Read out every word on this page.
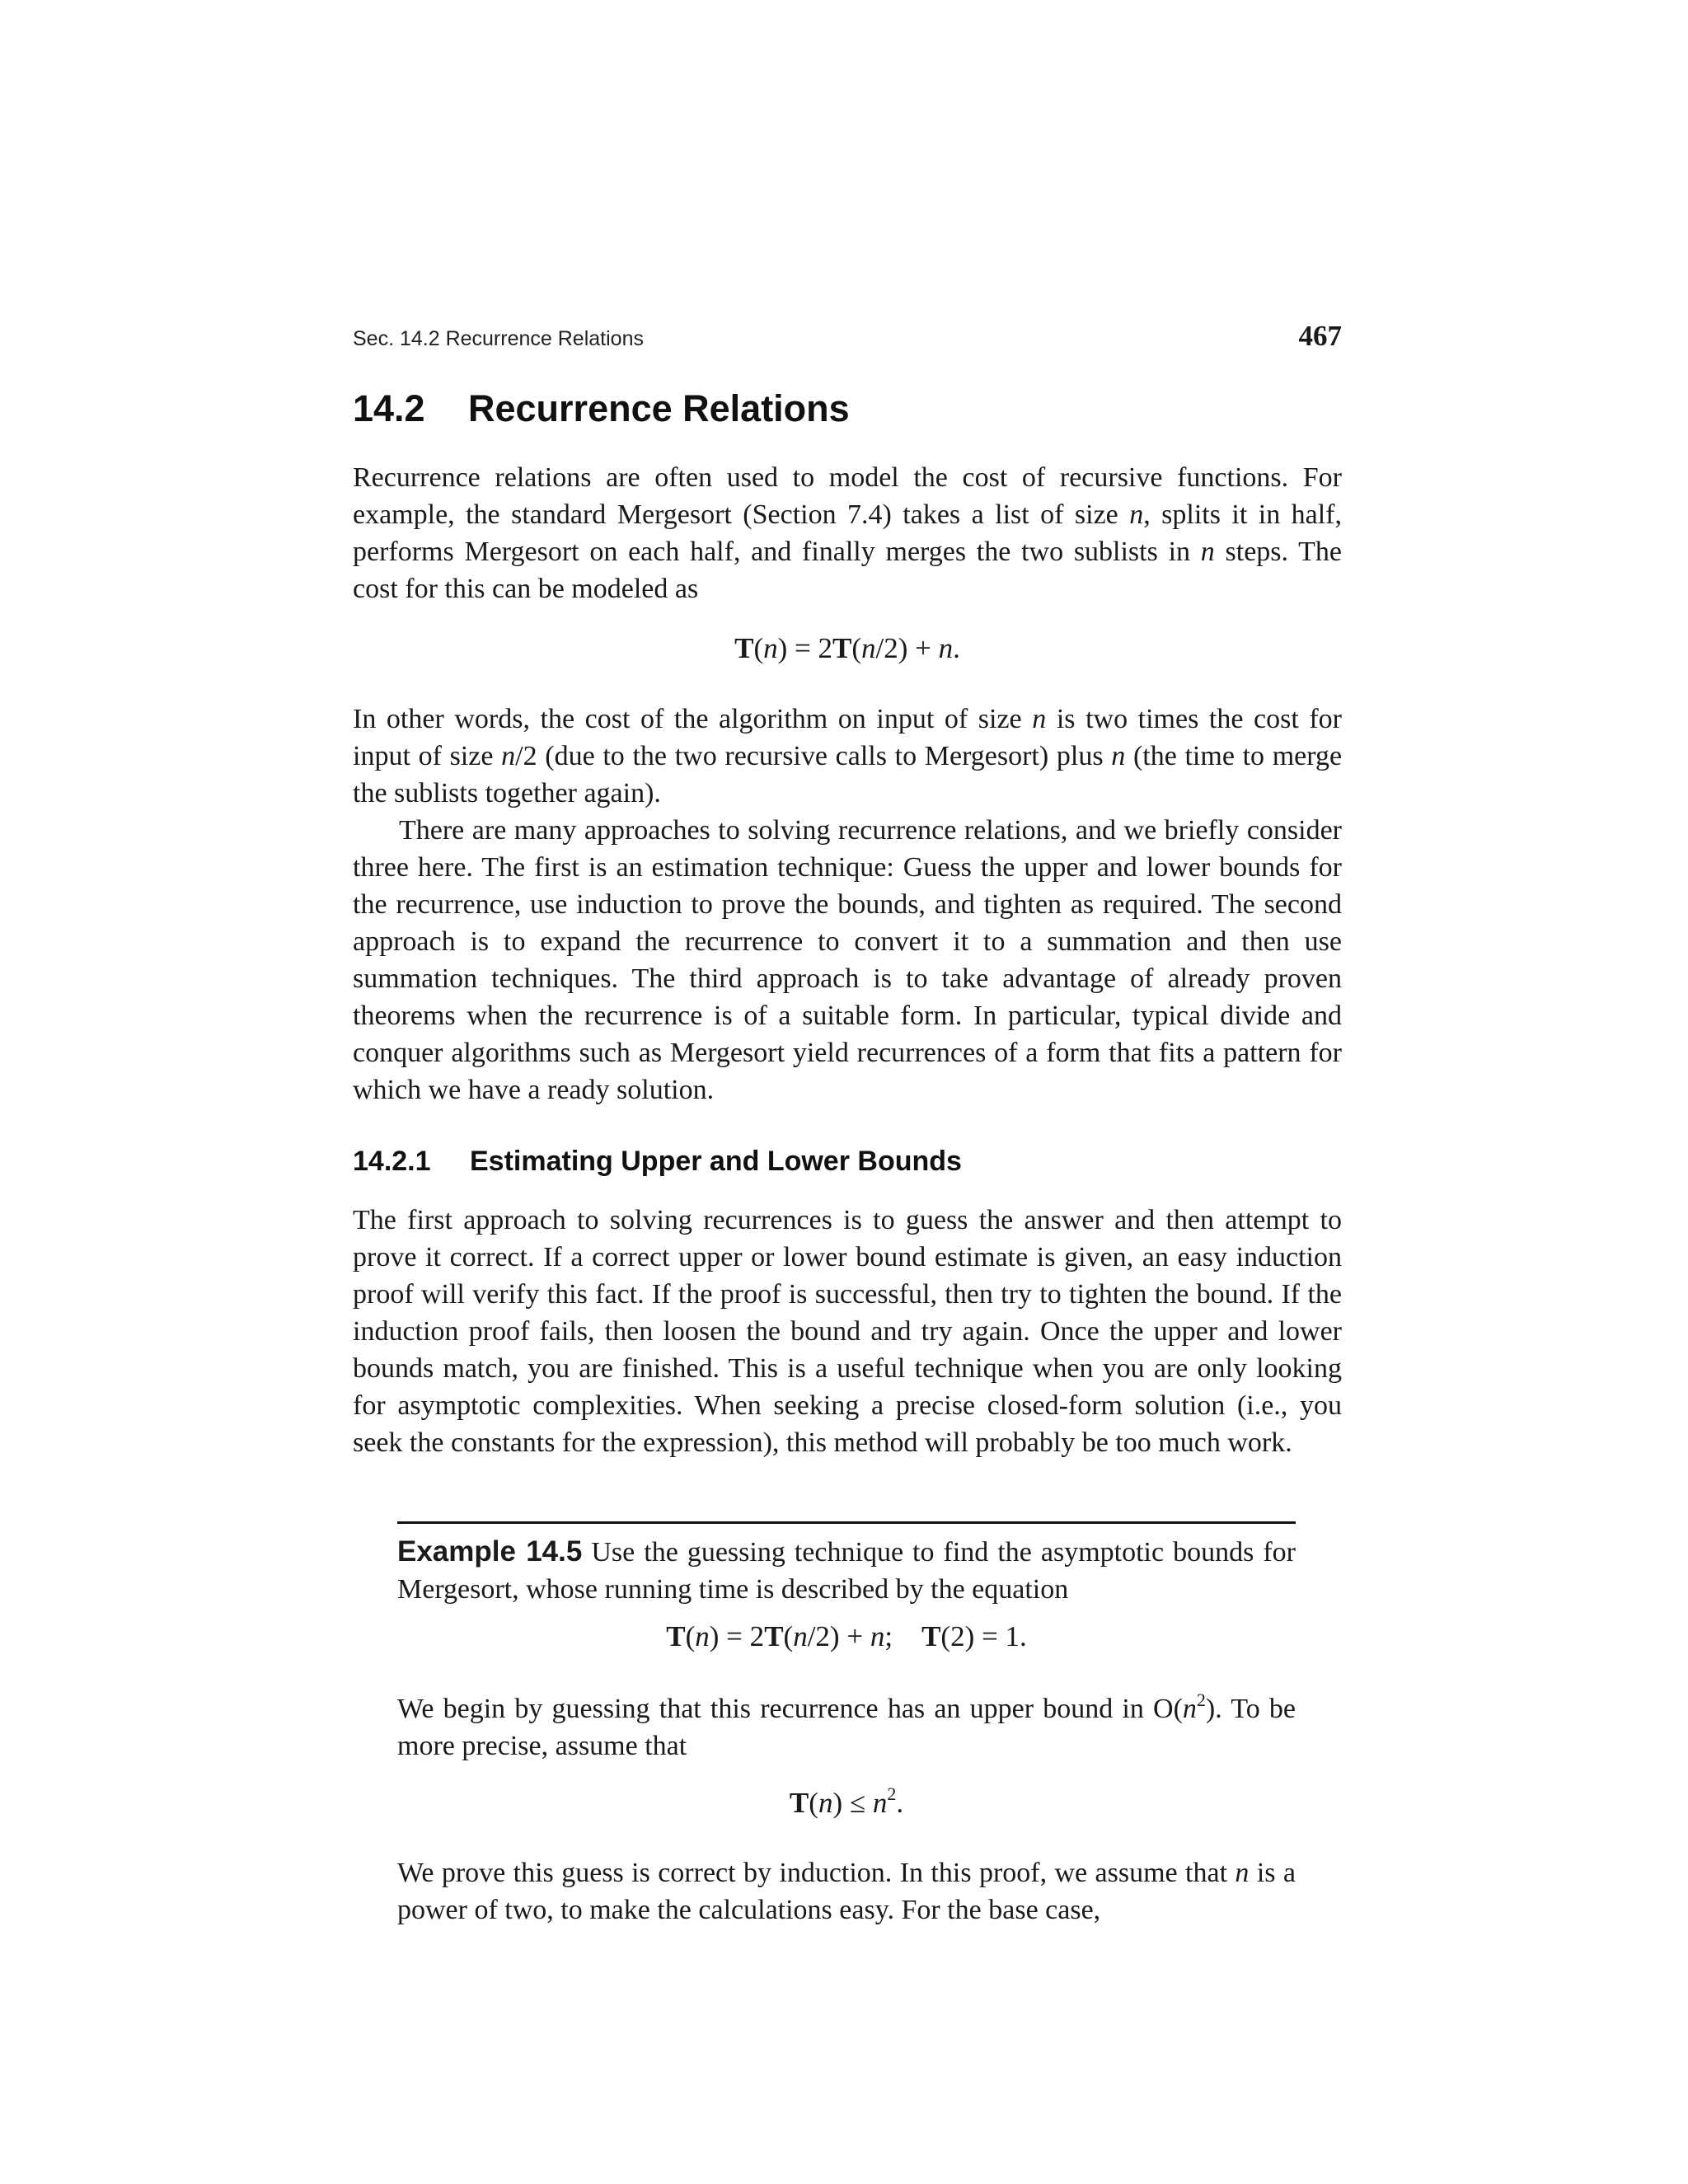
Sec. 14.2 Recurrence Relations	467
14.2 Recurrence Relations

Recurrence relations are often used to model the cost of recursive functions. For example, the standard Mergesort (Section 7.4) takes a list of size n, splits it in half, performs Mergesort on each half, and finally merges the two sublists in n steps. The cost for this can be modeled as

T(n) = 2T(n/2) + n.

In other words, the cost of the algorithm on input of size n is two times the cost for input of size n/2 (due to the two recursive calls to Mergesort) plus n (the time to merge the sublists together again).

There are many approaches to solving recurrence relations, and we briefly consider three here. The first is an estimation technique: Guess the upper and lower bounds for the recurrence, use induction to prove the bounds, and tighten as required. The second approach is to expand the recurrence to convert it to a summation and then use summation techniques. The third approach is to take advantage of already proven theorems when the recurrence is of a suitable form. In particular, typical divide and conquer algorithms such as Mergesort yield recurrences of a form that fits a pattern for which we have a ready solution.

14.2.1 Estimating Upper and Lower Bounds

The first approach to solving recurrences is to guess the answer and then attempt to prove it correct. If a correct upper or lower bound estimate is given, an easy induction proof will verify this fact. If the proof is successful, then try to tighten the bound. If the induction proof fails, then loosen the bound and try again. Once the upper and lower bounds match, you are finished. This is a useful technique when you are only looking for asymptotic complexities. When seeking a precise closed-form solution (i.e., you seek the constants for the expression), this method will probably be too much work.

Example 14.5 Use the guessing technique to find the asymptotic bounds for Mergesort, whose running time is described by the equation

T(n) = 2T(n/2) + n;    T(2) = 1.

We begin by guessing that this recurrence has an upper bound in $O(n^2)$. To be more precise, assume that

$T(n) \le n^2$.

We prove this guess is correct by induction. In this proof, we assume that n is a power of two, to make the calculations easy. For the base case,
